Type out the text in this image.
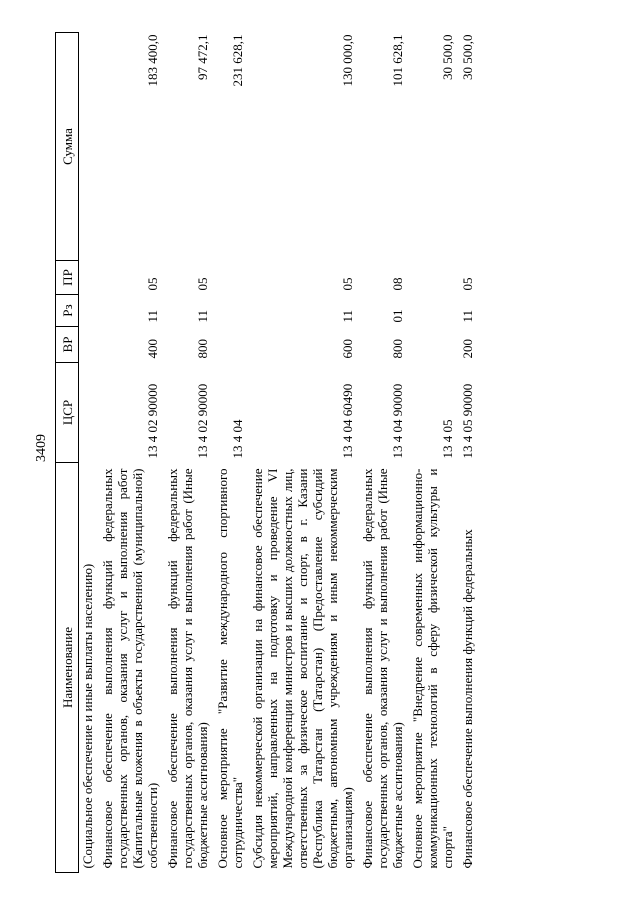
3409
Наименование	ЦСР	ВР	Рз	ПР	Сумма
(Социальное обеспечение и иные выплаты населению)					
Финансовое обеспечение выполнения функций федеральных государственных органов, оказания услуг и выполнения работ (Капитальные вложения в объекты государственной (муниципальной) собственности)	13 4 02 90000	400	11	05	183 400,0
Финансовое обеспечение выполнения функций федеральных государственных органов, оказания услуг и выполнения работ (Иные бюджетные ассигнования)	13 4 02 90000	800	11	05	97 472,1
Основное мероприятие "Развитие международного спортивного сотрудничества"	13 4 04				231 628,1
Субсидия некоммерческой организации на финансовое обеспечение мероприятий, направленных на подготовку и проведение VI Международной конференции министров и высших должностных лиц, ответственных за физическое воспитание и спорт, в г. Казани (Республика Татарстан (Татарстан) (Предоставление субсидий бюджетным, автономным учреждениям и иным некоммерческим организациям)	13 4 04 60490	600	11	05	130 000,0
Финансовое обеспечение выполнения функций федеральных государственных органов, оказания услуг и выполнения работ (Иные бюджетные ассигнования)	13 4 04 90000	800	01	08	101 628,1
Основное мероприятие "Внедрение современных информационно-коммуникационных технологий в сферу физической культуры и спорта"	13 4 05				30 500,0
Финансовое обеспечение выполнения функций федеральных	13 4 05 90000	200	11	05	30 500,0
